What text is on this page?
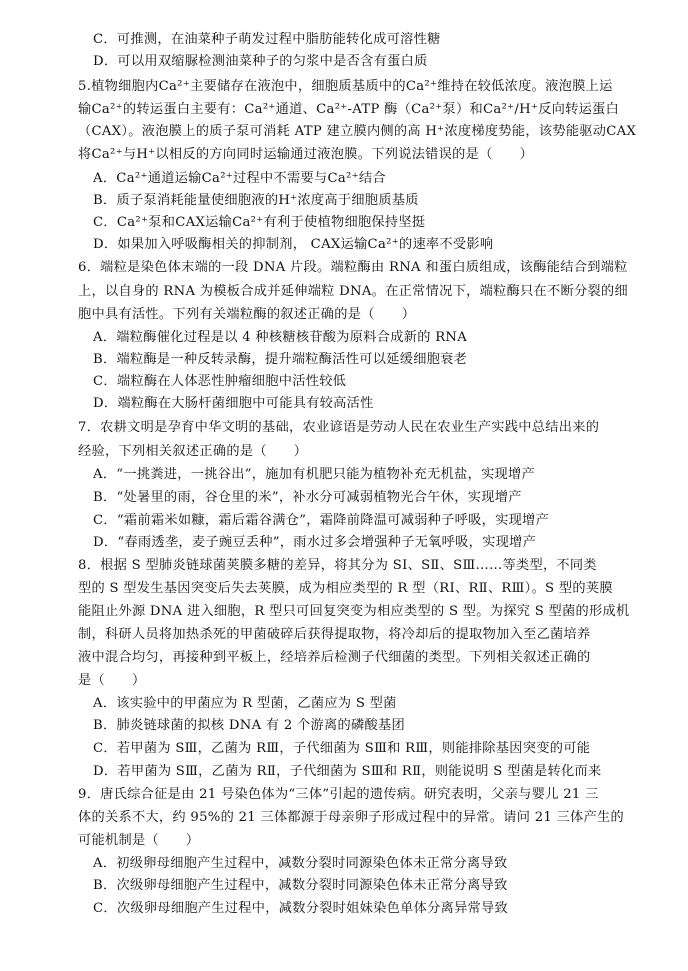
C．可推测，在油菜种子萌发过程中脂肪能转化成可溶性糖
D．可以用双缩脲检测油菜种子的匀浆中是否含有蛋白质
5.植物细胞内Ca²⁺主要储存在液泡中，细胞质基质中的Ca²⁺维持在较低浓度。液泡膜上运
输Ca²⁺的转运蛋白主要有：Ca²⁺通道、Ca²⁺-ATP 酶（Ca²⁺泵）和Ca²⁺/H⁺反向转运蛋白
（CAX）。液泡膜上的质子泵可消耗 ATP 建立膜内侧的高 H⁺浓度梯度势能，该势能驱动CAX
将Ca²⁺与H⁺以相反的方向同时运输通过液泡膜。下列说法错误的是（　　）
A．Ca²⁺通道运输Ca²⁺过程中不需要与Ca²⁺结合
B．质子泵消耗能量使细胞液的H⁺浓度高于细胞质基质
C．Ca²⁺泵和CAX运输Ca²⁺有利于使植物细胞保持坚挺
D．如果加入呼吸酶相关的抑制剂， CAX运输Ca²⁺的速率不受影响
6．端粒是染色体末端的一段 DNA 片段。端粒酶由 RNA 和蛋白质组成，该酶能结合到端粒
上，以自身的 RNA 为模板合成并延伸端粒 DNA。在正常情况下，端粒酶只在不断分裂的细
胞中具有活性。下列有关端粒酶的叙述正确的是（　　）
A．端粒酶催化过程是以 4 种核糖核苷酸为原料合成新的 RNA
B．端粒酶是一种反转录酶，提升端粒酶活性可以延缓细胞衰老
C．端粒酶在人体恶性肿瘤细胞中活性较低
D．端粒酶在大肠杆菌细胞中可能具有较高活性
7．农耕文明是孕育中华文明的基础，农业谚语是劳动人民在农业生产实践中总结出来的
经验，下列相关叙述正确的是（　　）
A．“一挑粪进，一挑谷出”，施加有机肥只能为植物补充无机盐，实现增产
B．“处暑里的雨，谷仓里的米”，补水分可减弱植物光合午休，实现增产
C．“霜前霜米如糠，霜后霜谷满仓”，霜降前降温可减弱种子呼吸，实现增产
D．“春雨透垄，麦子豌豆丢种”，雨水过多会增强种子无氧呼吸，实现增产
8．根据 S 型肺炎链球菌荚膜多糖的差异，将其分为 SⅠ、SⅡ、SⅢ……等类型，不同类
型的 S 型发生基因突变后失去荚膜，成为相应类型的 R 型（RⅠ、RⅡ、RⅢ）。S 型的荚膜
能阻止外源 DNA 进入细胞，R 型只可回复突变为相应类型的 S 型。为探究 S 型菌的形成机
制，科研人员将加热杀死的甲菌破碎后获得提取物，将冷却后的提取物加入至乙菌培养
液中混合均匀，再接种到平板上，经培养后检测子代细菌的类型。下列相关叙述正确的
是（　　）
A．该实验中的甲菌应为 R 型菌，乙菌应为 S 型菌
B．肺炎链球菌的拟核 DNA 有 2 个游离的磷酸基团
C．若甲菌为 SⅢ，乙菌为 RⅢ，子代细菌为 SⅢ和 RⅢ，则能排除基因突变的可能
D．若甲菌为 SⅢ，乙菌为 RⅡ，子代细菌为 SⅢ和 RⅡ，则能说明 S 型菌是转化而来
9．唐氏综合征是由 21 号染色体为“三体”引起的遗传病。研究表明，父亲与婴儿 21 三
体的关系不大，约 95%的 21 三体都源于母亲卵子形成过程中的异常。请问 21 三体产生的
可能机制是（　　）
A．初级卵母细胞产生过程中，减数分裂时同源染色体未正常分离导致
B．次级卵母细胞产生过程中，减数分裂时同源染色体未正常分离导致
C．次级卵母细胞产生过程中，减数分裂时姐妹染色单体分离异常导致
